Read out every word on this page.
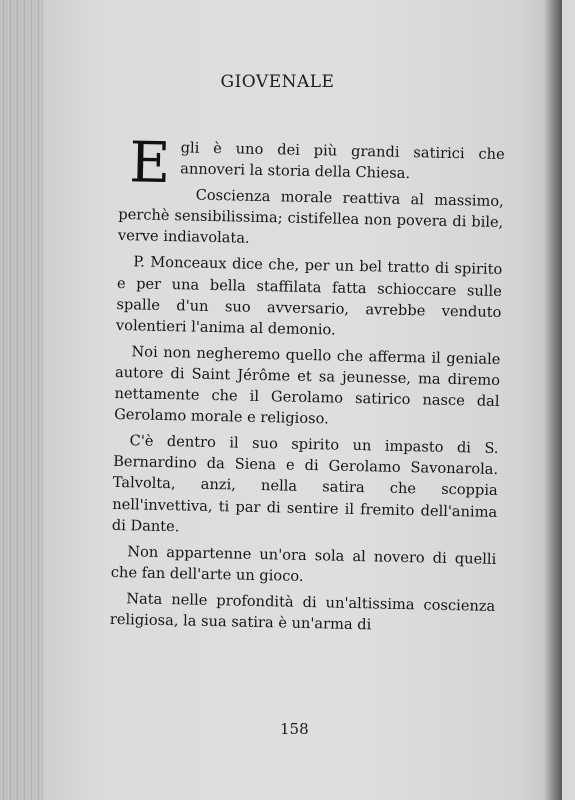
GIOVENALE

Egli è uno dei più grandi satirici che annoveri la storia della Chiesa.

Coscienza morale reattiva al massimo, perchè sensibilissima; cistifellea non povera di bile, verve indiavolata.

P. Monceaux dice che, per un bel tratto di spirito e per una bella staffilata fatta schioccare sulle spalle d'un suo avversario, avrebbe venduto volentieri l'anima al demonio.

Noi non negheremo quello che afferma il geniale autore di Saint Jérôme et sa jeunesse, ma diremo nettamente che il Gerolamo satirico nasce dal Gerolamo morale e religioso.

C'è dentro il suo spirito un impasto di S. Bernardino da Siena e di Gerolamo Savonarola. Talvolta, anzi, nella satira che scoppia nell'invettiva, ti par di sentire il fremito dell'anima di Dante.

Non appartenne un'ora sola al novero di quelli che fan dell'arte un gioco.

Nata nelle profondità di un'altissima coscienza religiosa, la sua satira è un'arma di

158
